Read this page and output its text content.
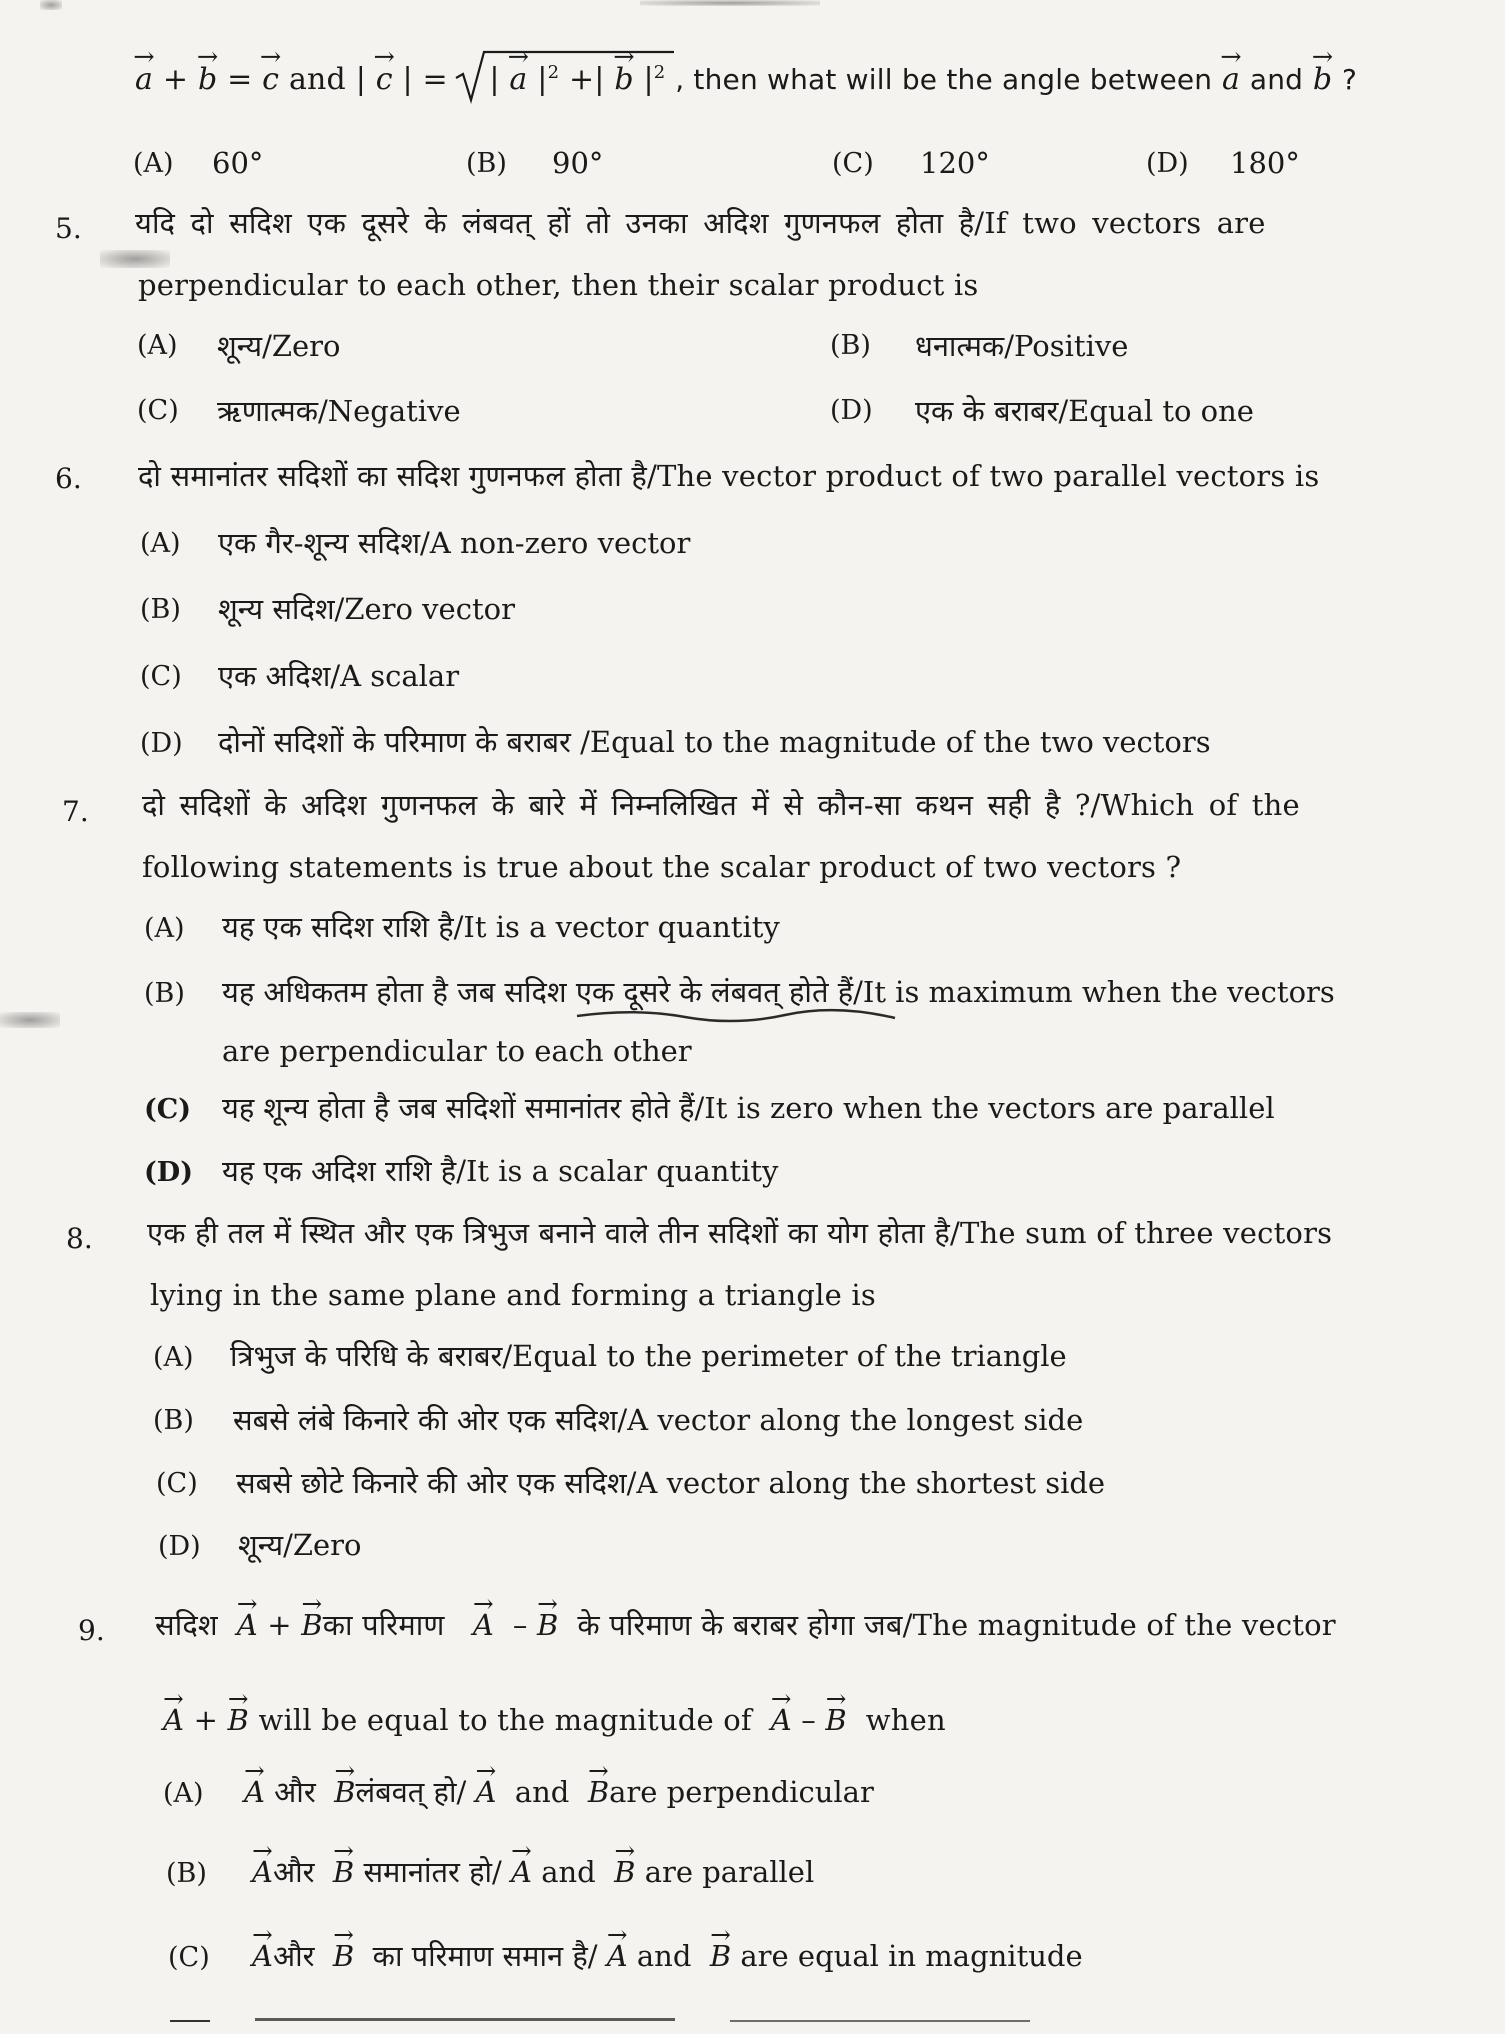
→ a + → b = → c and | → c | =
| → a $|^2$ +| → b $|^2$ , then what will be the angle between → a and → b ?
(A) 60°	(B) 90°	(C) 120°	(D) 180°
5. यदि दो सदिश एक दूसरे के लंबवत् हों तो उनका अदिश गुणनफल होता है/If two vectors are
perpendicular to each other, then their scalar product is
(A) शून्य/Zero	(B) धनात्मक/Positive
(C) ऋणात्मक/Negative	(D) एक के बराबर/Equal to one
6. दो समानांतर सदिशों का सदिश गुणनफल होता है/The vector product of two parallel vectors is
(A) एक गैर-शून्य सदिश/A non-zero vector
(B) शून्य सदिश/Zero vector
(C) एक अदिश/A scalar
(D) दोनों सदिशों के परिमाण के बराबर /Equal to the magnitude of the two vectors
7. दो सदिशों के अदिश गुणनफल के बारे में निम्नलिखित में से कौन-सा कथन सही है ?/Which of the
following statements is true about the scalar product of two vectors ?
(A) यह एक सदिश राशि है/It is a vector quantity
(B) यह अधिकतम होता है जब सदिश एक दूसरे के लंबवत् होते हैं/It is maximum when the vectors
are perpendicular to each other
(C) यह शून्य होता है जब सदिशों समानांतर होते हैं/It is zero when the vectors are parallel
(D) यह एक अदिश राशि है/It is a scalar quantity
8. एक ही तल में स्थित और एक त्रिभुज बनाने वाले तीन सदिशों का योग होता है/The sum of three vectors
lying in the same plane and forming a triangle is
(A) त्रिभुज के परिधि के बराबर/Equal to the perimeter of the triangle
(B) सबसे लंबे किनारे की ओर एक सदिश/A vector along the longest side
(C) सबसे छोटे किनारे की ओर एक सदिश/A vector along the shortest side
(D) शून्य/Zero
9. सदिश → A + → Bका परिमाण → A  – → B के परिमाण के बराबर होगा जब/The magnitude of the vector
→ A + → B will be equal to the magnitude of → A – → B when
(A) → A और → Bलंबवत् हो/ → A and → Bare perpendicular
(B) → Aऔर → B समानांतर हो/ → A and → B are parallel
(C) → Aऔर → B का परिमाण समान है/ → A and → B are equal in magnitude
